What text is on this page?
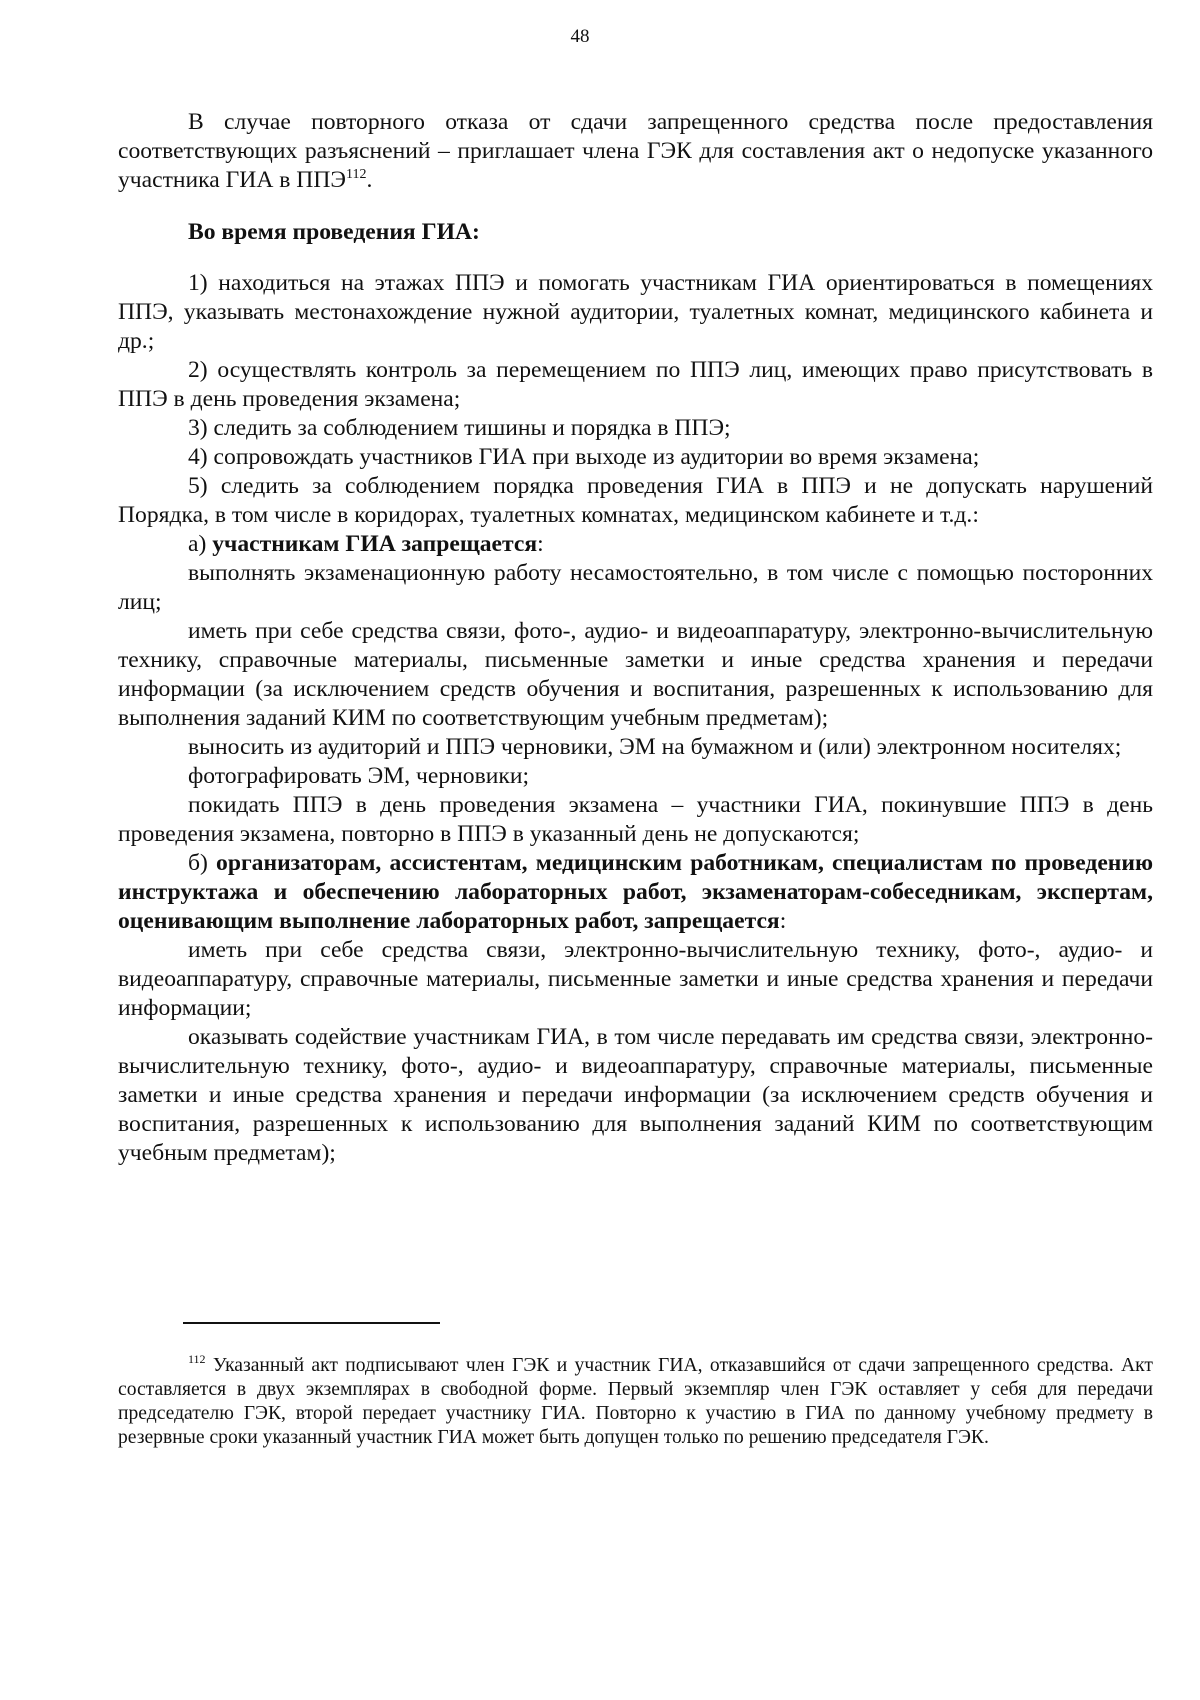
48

В случае повторного отказа от сдачи запрещенного средства после предоставления соответствующих разъяснений – приглашает члена ГЭК для составления акт о недопуске указанного участника ГИА в ППЭ$^{112}$.

Во время проведения ГИА:

1) находиться на этажах ППЭ и помогать участникам ГИА ориентироваться в помещениях ППЭ, указывать местонахождение нужной аудитории, туалетных комнат, медицинского кабинета и др.;

2) осуществлять контроль за перемещением по ППЭ лиц, имеющих право присутствовать в ППЭ в день проведения экзамена;

3) следить за соблюдением тишины и порядка в ППЭ;

4) сопровождать участников ГИА при выходе из аудитории во время экзамена;

5) следить за соблюдением порядка проведения ГИА в ППЭ и не допускать нарушений Порядка, в том числе в коридорах, туалетных комнатах, медицинском кабинете и т.д.:

а) участникам ГИА запрещается:

выполнять экзаменационную работу несамостоятельно, в том числе с помощью посторонних лиц;

иметь при себе средства связи, фото-, аудио- и видеоаппаратуру, электронно-вычислительную технику, справочные материалы, письменные заметки и иные средства хранения и передачи информации (за исключением средств обучения и воспитания, разрешенных к использованию для выполнения заданий КИМ по соответствующим учебным предметам);

выносить из аудиторий и ППЭ черновики, ЭМ на бумажном и (или) электронном носителях;

фотографировать ЭМ, черновики;

покидать ППЭ в день проведения экзамена – участники ГИА, покинувшие ППЭ в день проведения экзамена, повторно в ППЭ в указанный день не допускаются;

б) организаторам, ассистентам, медицинским работникам, специалистам по проведению инструктажа и обеспечению лабораторных работ, экзаменаторам-собеседникам, экспертам, оценивающим выполнение лабораторных работ, запрещается:

иметь при себе средства связи, электронно-вычислительную технику, фото-, аудио- и видеоаппаратуру, справочные материалы, письменные заметки и иные средства хранения и передачи информации;

оказывать содействие участникам ГИА, в том числе передавать им средства связи, электронно-вычислительную технику, фото-, аудио- и видеоаппаратуру, справочные материалы, письменные заметки и иные средства хранения и передачи информации (за исключением средств обучения и воспитания, разрешенных к использованию для выполнения заданий КИМ по соответствующим учебным предметам);

$^{112}$ Указанный акт подписывают член ГЭК и участник ГИА, отказавшийся от сдачи запрещенного средства. Акт составляется в двух экземплярах в свободной форме. Первый экземпляр член ГЭК оставляет у себя для передачи председателю ГЭК, второй передает участнику ГИА. Повторно к участию в ГИА по данному учебному предмету в резервные сроки указанный участник ГИА может быть допущен только по решению председателя ГЭК.
